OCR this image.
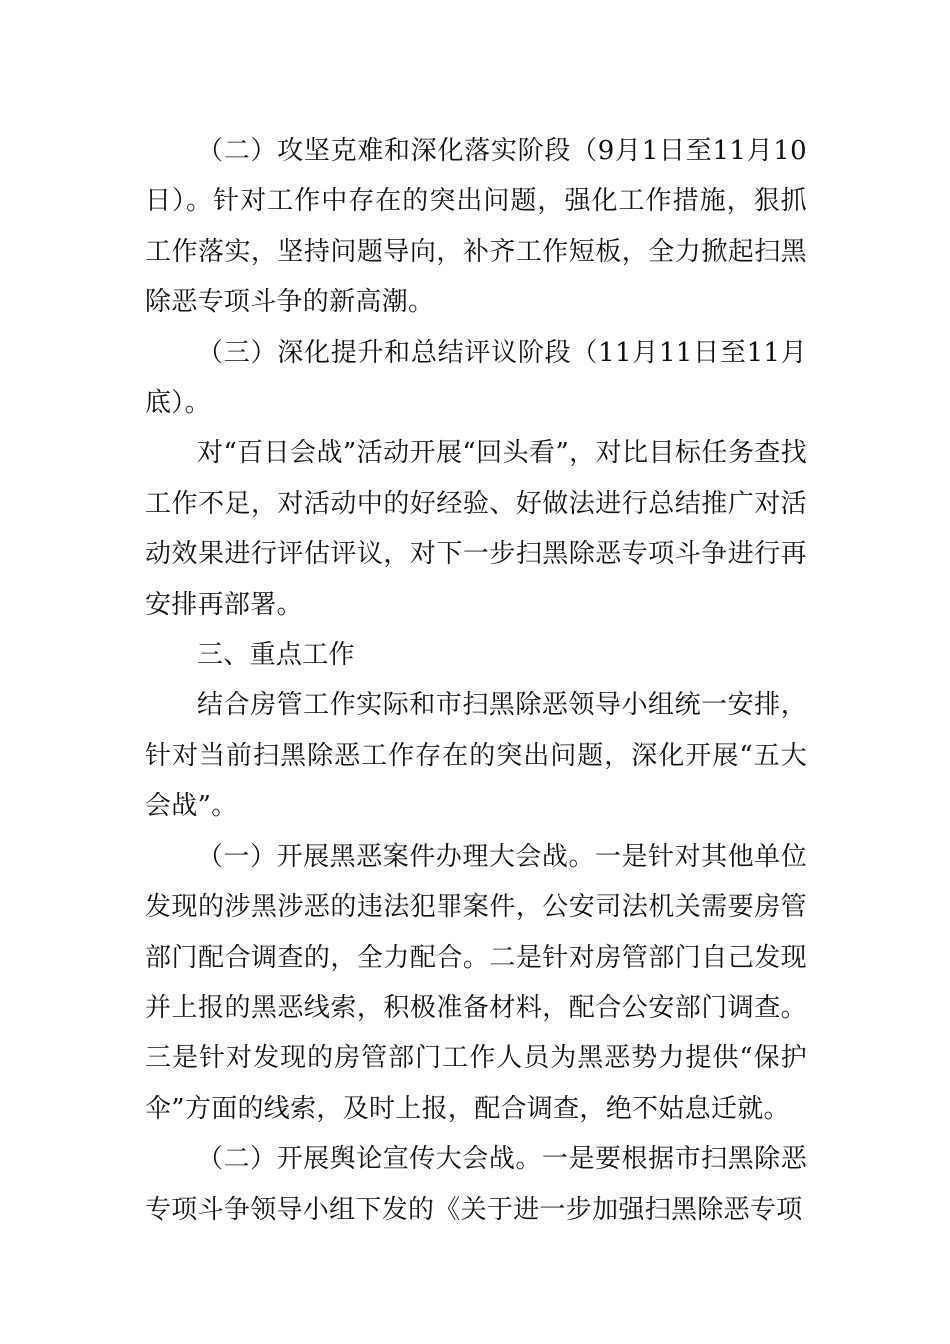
（二）攻坚克难和深化落实阶段（9月1日至11月10日）。针对工作中存在的突出问题，强化工作措施，狠抓工作落实，坚持问题导向，补齐工作短板，全力掀起扫黑除恶专项斗争的新高潮。

（三）深化提升和总结评议阶段（11月11日至11月底）。

对“百日会战”活动开展“回头看”，对比目标任务查找工作不足，对活动中的好经验、好做法进行总结推广对活动效果进行评估评议，对下一步扫黑除恶专项斗争进行再安排再部署。

三、重点工作

结合房管工作实际和市扫黑除恶领导小组统一安排，针对当前扫黑除恶工作存在的突出问题，深化开展“五大会战”。

（一）开展黑恶案件办理大会战。一是针对其他单位发现的涉黑涉恶的违法犯罪案件，公安司法机关需要房管部门配合调查的，全力配合。二是针对房管部门自己发现并上报的黑恶线索，积极准备材料，配合公安部门调查。三是针对发现的房管部门工作人员为黑恶势力提供“保护伞”方面的线索，及时上报，配合调查，绝不姑息迁就。

（二）开展舆论宣传大会战。一是要根据市扫黑除恶专项斗争领导小组下发的《关于进一步加强扫黑除恶专项
